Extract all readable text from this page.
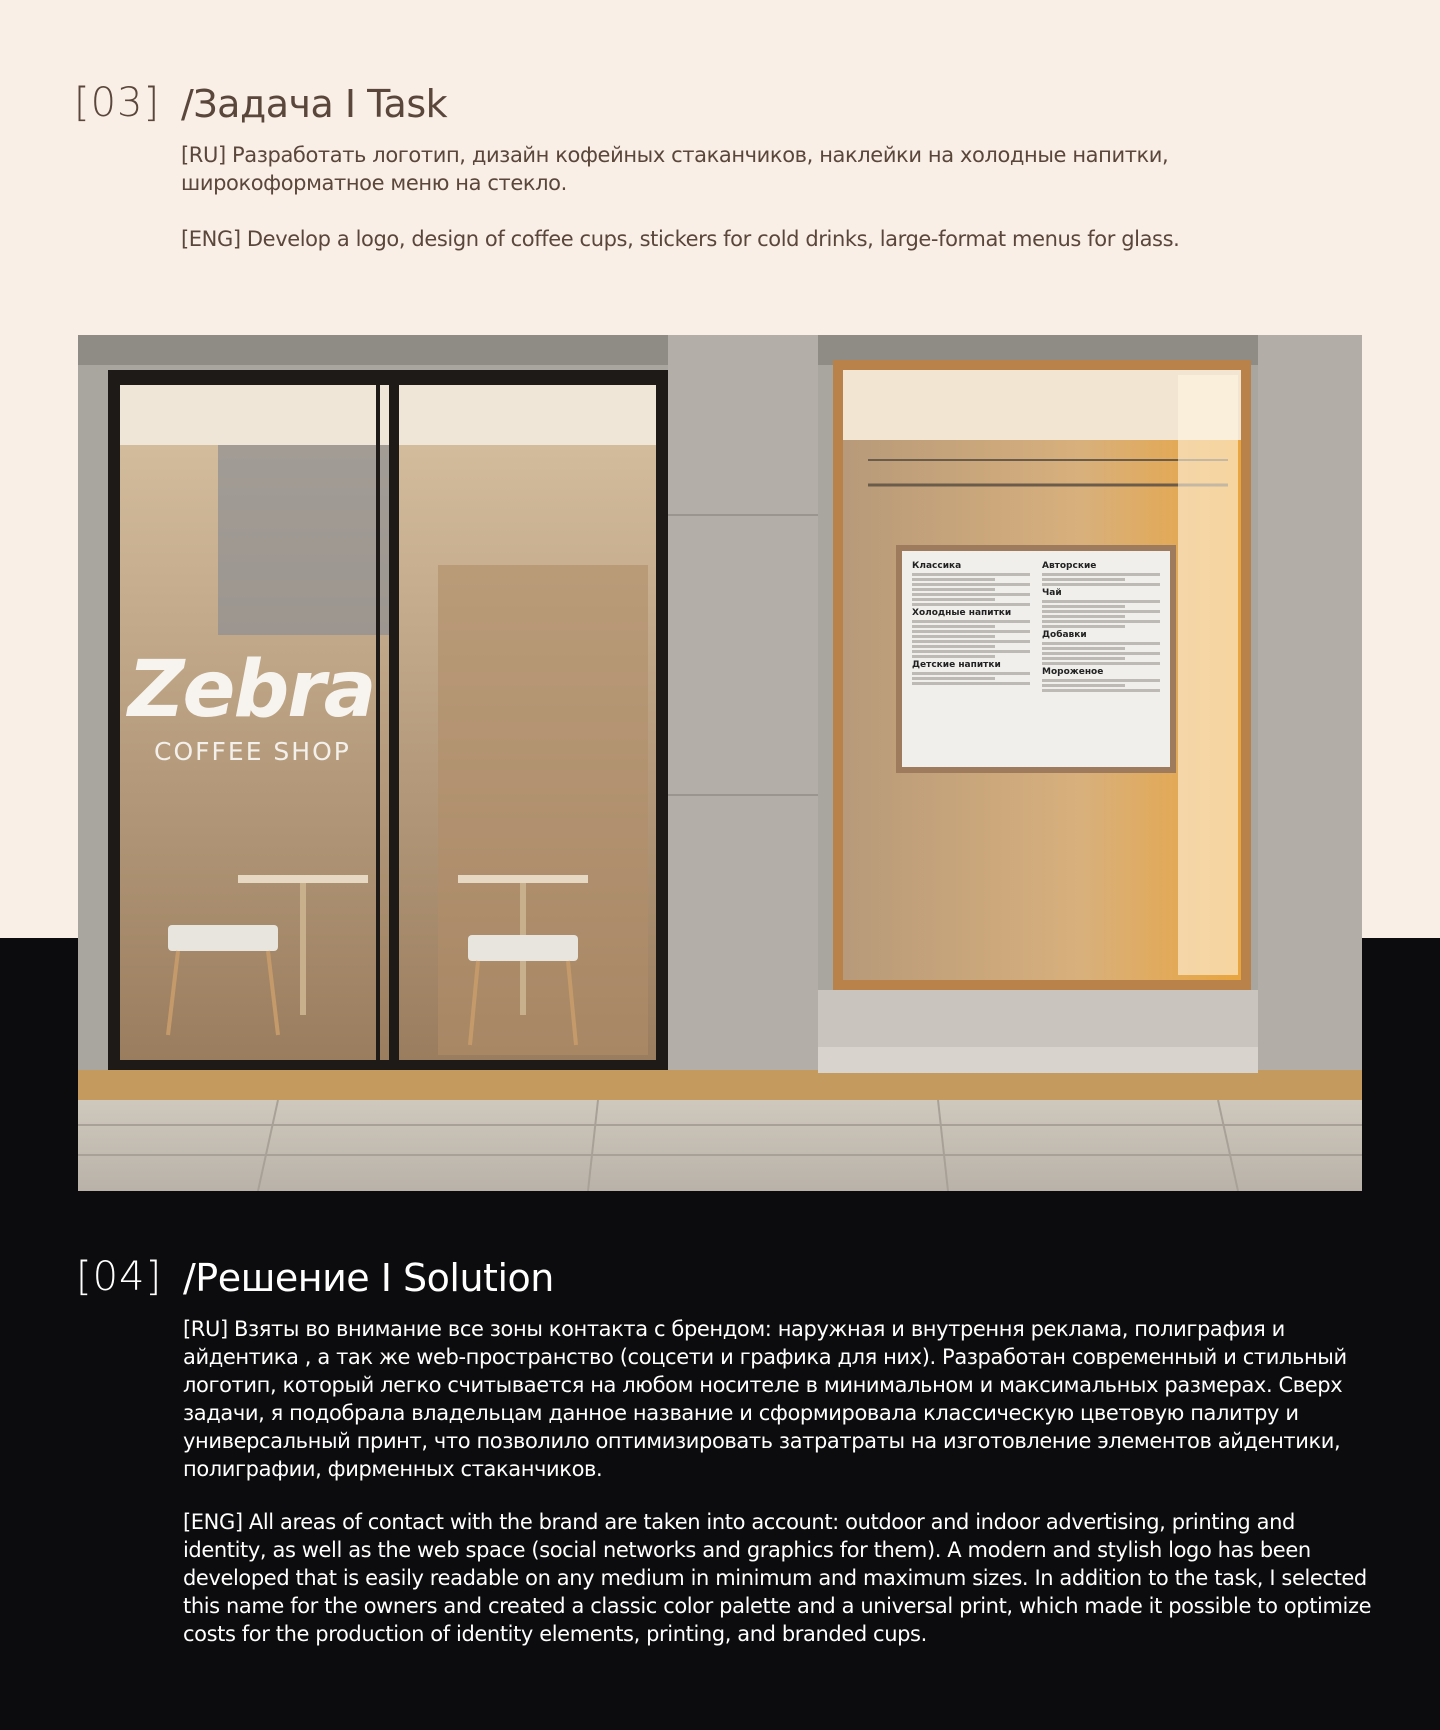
[03] /Задача I Task

[RU] Разработать логотип, дизайн кофейных стаканчиков, наклейки на холодные напитки, широкоформатное меню на стекло.

[ENG] Develop a logo, design of coffee cups, stickers for cold drinks, large-format menus for glass.

Zebra
COFFEE SHOP
Классика
Холодные напитки
Детские напитки
Авторские
Чай
Добавки
Мороженое
[04] /Решение I Solution

[RU] Взяты во внимание все зоны контакта с брендом: наружная и внутрення реклама, полиграфия и айдентика , а так же web-пространство (соцсети и графика для них). Разработан современный и стильный логотип, который легко считывается на любом носителе в минимальном и максимальных размерах. Сверх задачи, я подобрала владельцам данное название и сформировала классическую цветовую палитру и универсальный принт, что позволило оптимизировать затратраты на изготовление элементов айдентики, полиграфии, фирменных стаканчиков.

[ENG] All areas of contact with the brand are taken into account: outdoor and indoor advertising, printing and identity, as well as the web space (social networks and graphics for them). A modern and stylish logo has been developed that is easily readable on any medium in minimum and maximum sizes. In addition to the task, I selected this name for the owners and created a classic color palette and a universal print, which made it possible to optimize costs for the production of identity elements, printing, and branded cups.
